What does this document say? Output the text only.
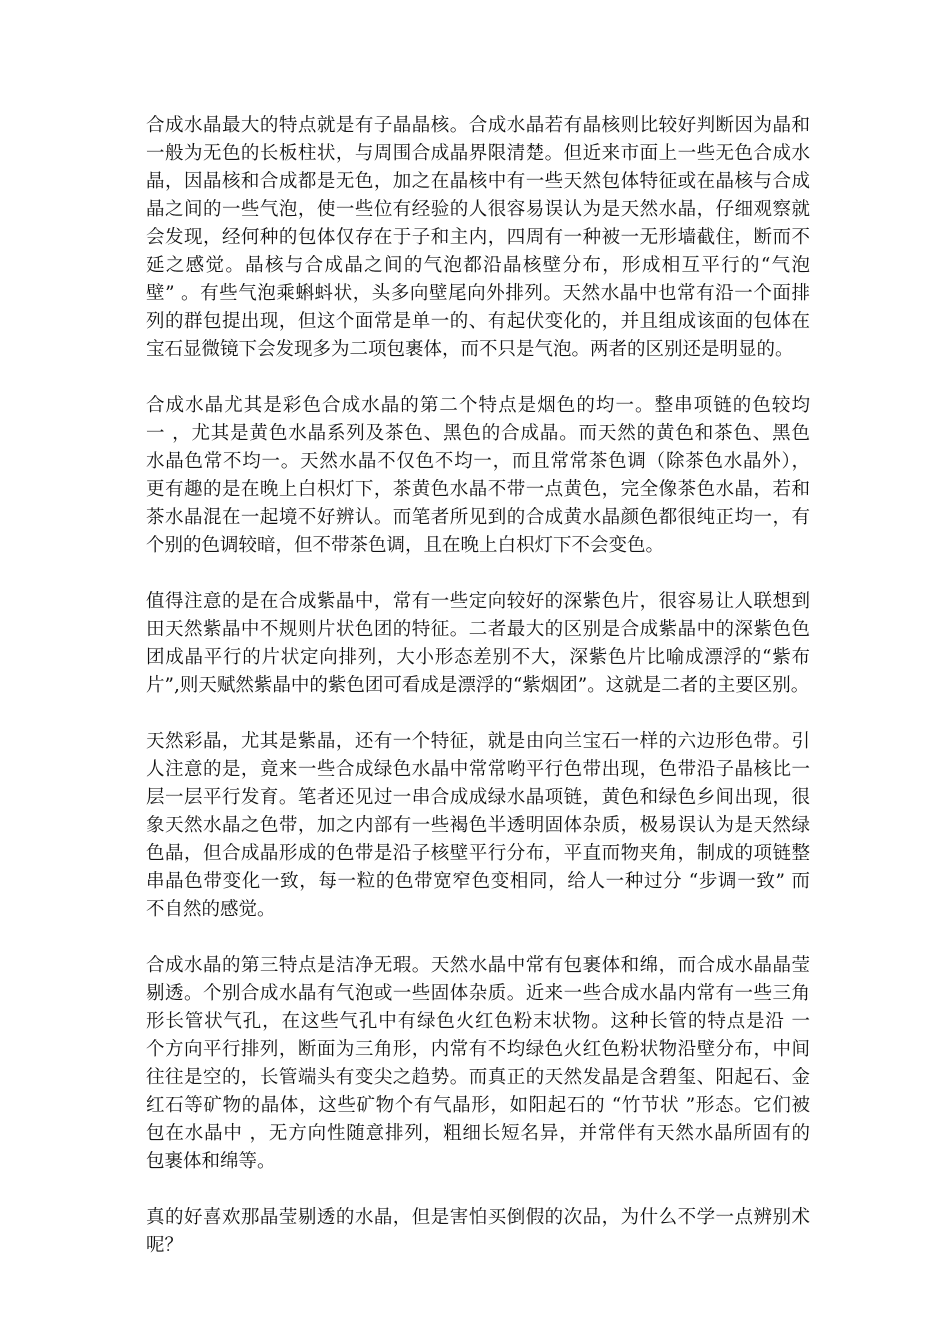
合成水晶最大的特点就是有子晶晶核。合成水晶若有晶核则比较好判断因为晶和
一般为无色的长板柱状，与周围合成晶界限清楚。但近来市面上一些无色合成水
晶，因晶核和合成都是无色，加之在晶核中有一些天然包体特征或在晶核与合成
晶之间的一些气泡，使一些位有经验的人很容易误认为是天然水晶，仔细观察就
会发现，经何种的包体仅存在于子和主内，四周有一种被一无形墙截住，断而不
延之感觉。晶核与合成晶之间的气泡都沿晶核壁分布，形成相互平行的“气泡
壁” 。有些气泡乘蝌蚪状，头多向壁尾向外排列。天然水晶中也常有沿一个面排
列的群包提出现，但这个面常是单一的、有起伏变化的，并且组成该面的包体在
宝石显微镜下会发现多为二项包裹体，而不只是气泡。两者的区别还是明显的。

合成水晶尤其是彩色合成水晶的第二个特点是烟色的均一。整串项链的色较均
一 ，尤其是黄色水晶系列及茶色、黑色的合成晶。而天然的黄色和茶色、黑色
水晶色常不均一。天然水晶不仅色不均一，而且常常茶色调（除茶色水晶外），
更有趣的是在晚上白枳灯下，茶黄色水晶不带一点黄色，完全像茶色水晶，若和
茶水晶混在一起境不好辨认。而笔者所见到的合成黄水晶颜色都很纯正均一，有
个别的色调较暗，但不带茶色调，且在晚上白枳灯下不会变色。

值得注意的是在合成紫晶中，常有一些定向较好的深紫色片，很容易让人联想到
田天然紫晶中不规则片状色团的特征。二者最大的区别是合成紫晶中的深紫色色
团成晶平行的片状定向排列，大小形态差别不大，深紫色片比喻成漂浮的“紫布
片”,则天赋然紫晶中的紫色团可看成是漂浮的“紫烟团”。这就是二者的主要区别。

天然彩晶，尤其是紫晶，还有一个特征，就是由向兰宝石一样的六边形色带。引
人注意的是，竟来一些合成绿色水晶中常常哟平行色带出现，色带沿子晶核比一
层一层平行发育。笔者还见过一串合成成绿水晶项链，黄色和绿色乡间出现，很
象天然水晶之色带，加之内部有一些褐色半透明固体杂质，极易误认为是天然绿
色晶，但合成晶形成的色带是沿子核壁平行分布，平直而物夹角，制成的项链整
串晶色带变化一致，每一粒的色带宽窄色变相同，给人一种过分 “步调一致” 而
不自然的感觉。

合成水晶的第三特点是洁净无瑕。天然水晶中常有包裹体和绵，而合成水晶晶莹
剔透。个别合成水晶有气泡或一些固体杂质。近来一些合成水晶内常有一些三角
形长管状气孔，在这些气孔中有绿色火红色粉末状物。这种长管的特点是沿 一
个方向平行排列，断面为三角形，内常有不均绿色火红色粉状物沿壁分布，中间
往往是空的，长管端头有变尖之趋势。而真正的天然发晶是含碧玺、阳起石、金
红石等矿物的晶体，这些矿物个有气晶形，如阳起石的 “竹节状 ”形态。它们被
包在水晶中 ，无方向性随意排列，粗细长短名异，并常伴有天然水晶所固有的
包裹体和绵等。

真的好喜欢那晶莹剔透的水晶，但是害怕买倒假的次品，为什么不学一点辨别术
呢？
